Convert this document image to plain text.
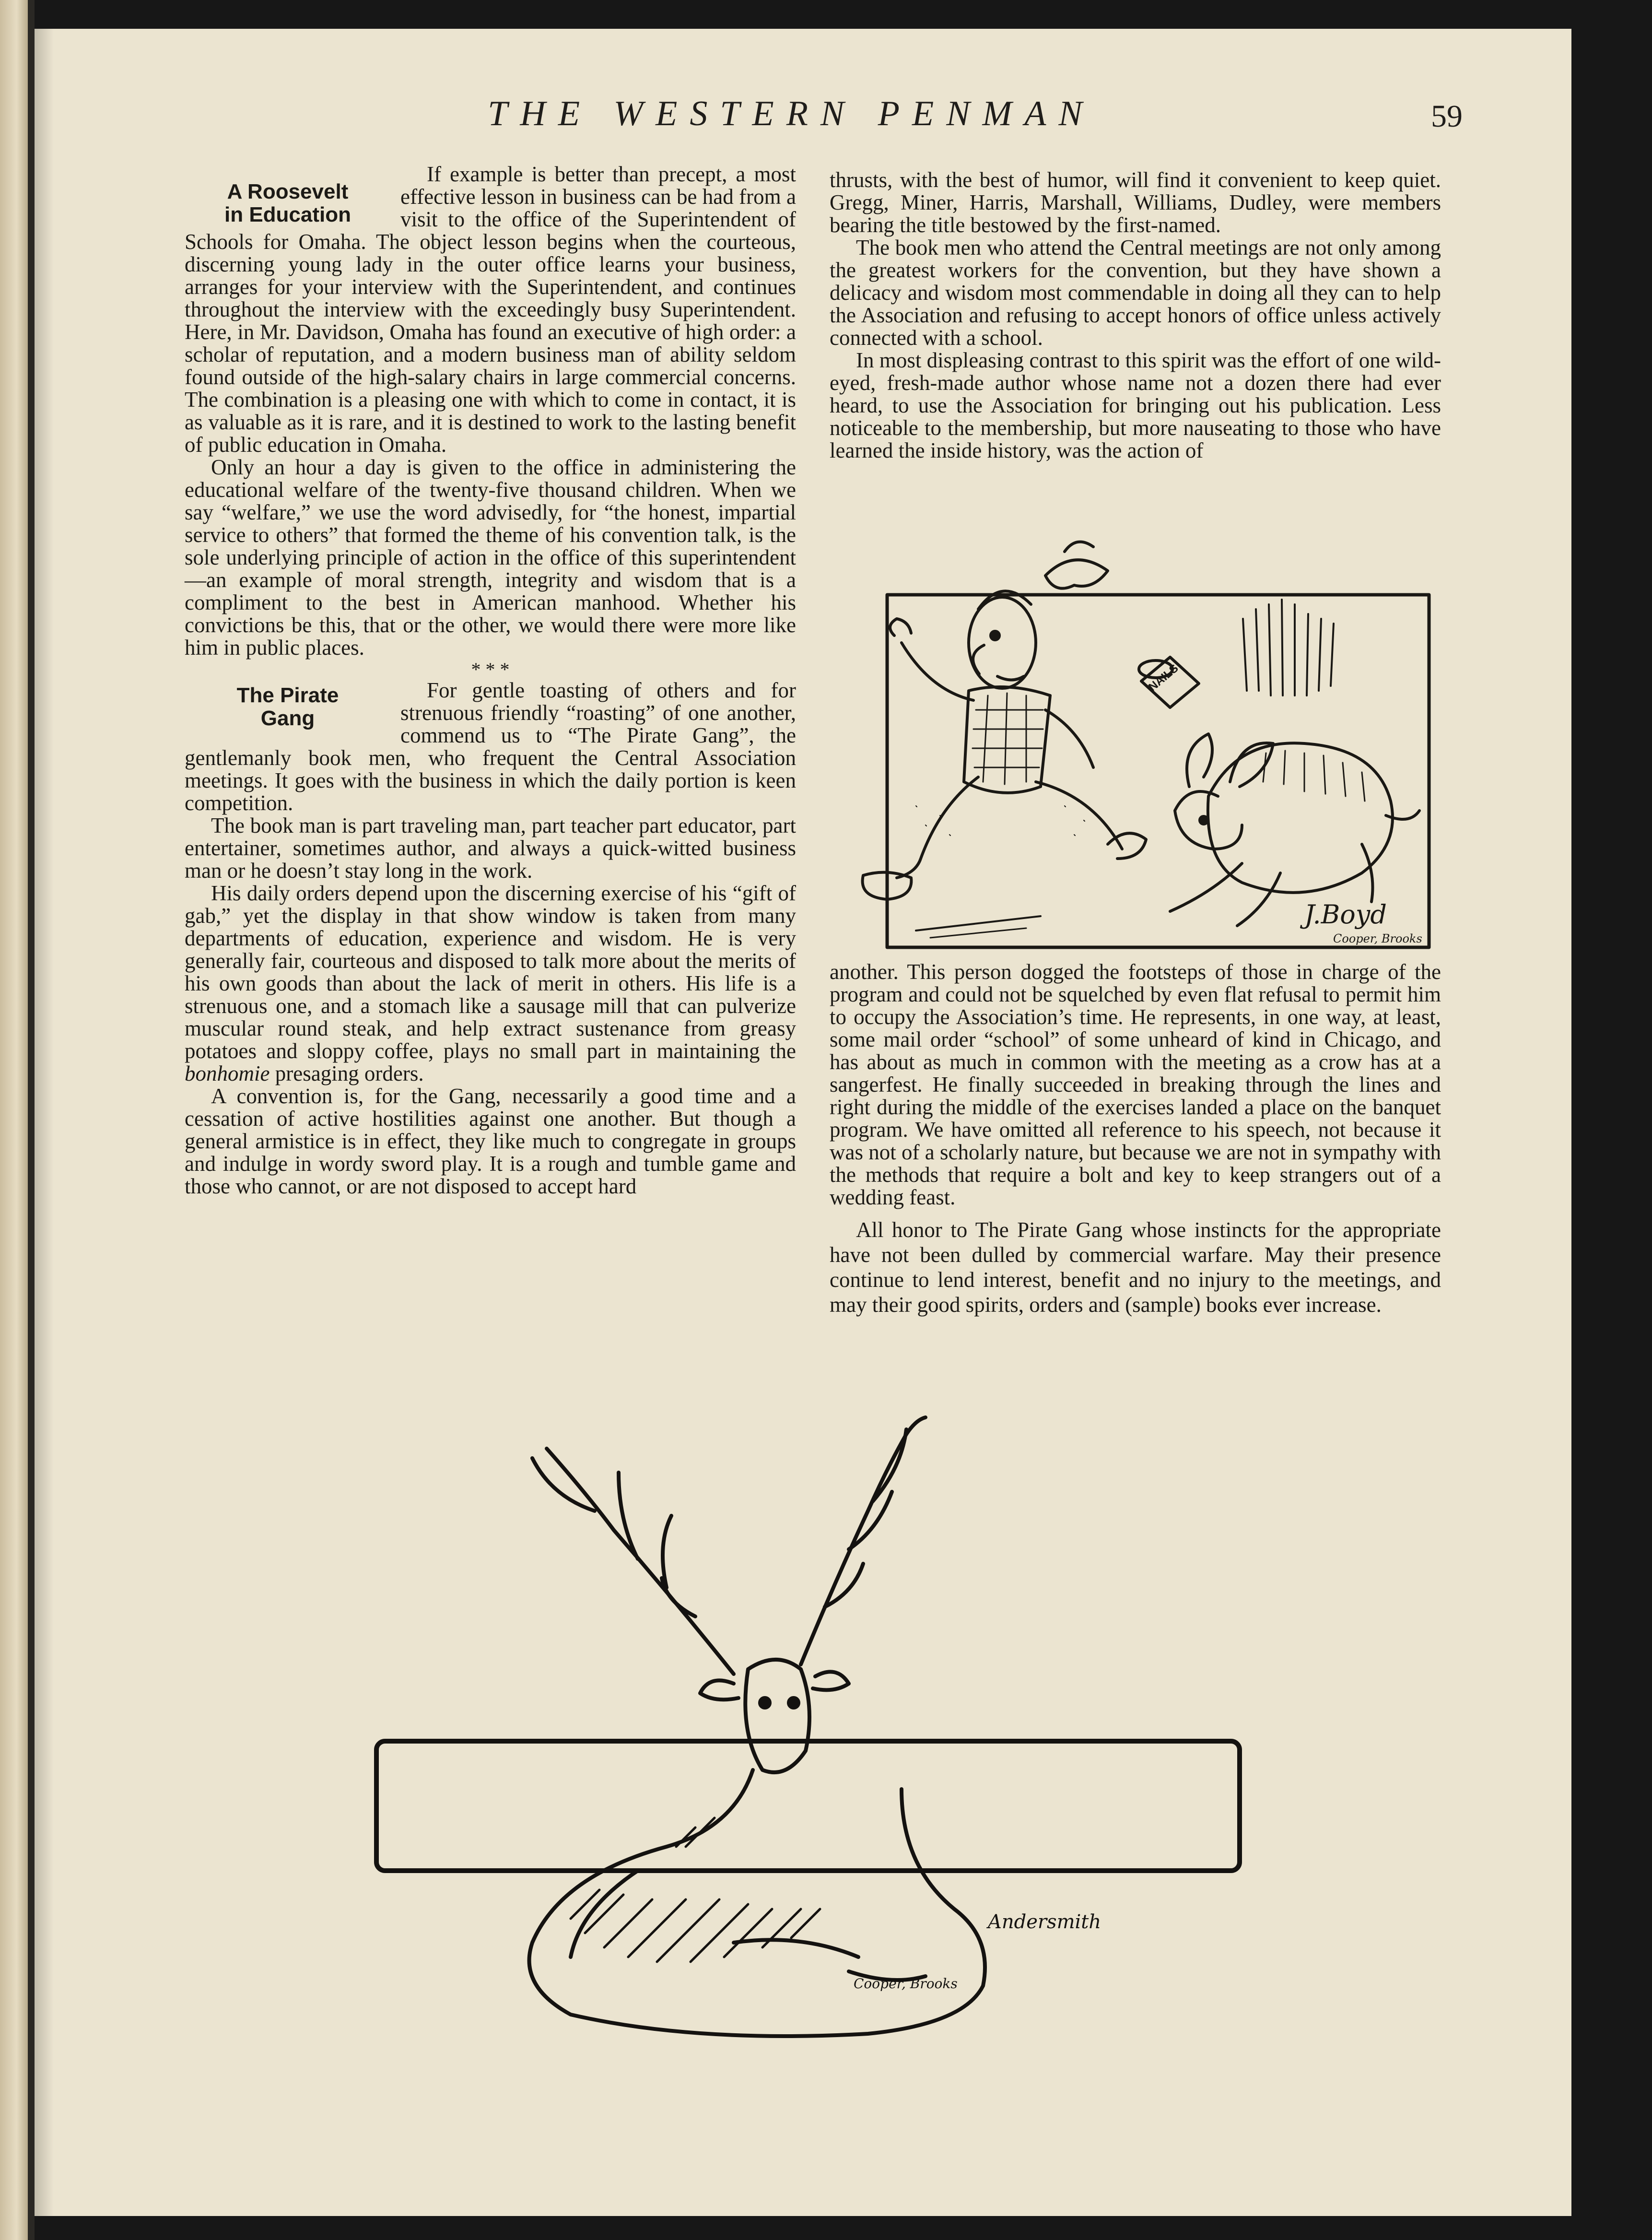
THE WESTERN PENMAN	59
A Roosevelt
in Education

If example is better than precept, a most effective lesson in business can be had from a visit to the office of the Superintendent of Schools for Omaha. The object lesson begins when the courteous, discerning young lady in the outer office learns your business, arranges for your interview with the Superintendent, and continues throughout the interview with the exceedingly busy Superintendent. Here, in Mr. Davidson, Omaha has found an executive of high order: a scholar of reputation, and a modern business man of ability seldom found outside of the high-salary chairs in large commercial concerns. The combination is a pleasing one with which to come in contact, it is as valuable as it is rare, and it is destined to work to the lasting benefit of public education in Omaha.

Only an hour a day is given to the office in administering the educational welfare of the twenty-five thousand children. When we say “welfare,” we use the word advisedly, for “the honest, impartial service to others” that formed the theme of his convention talk, is the sole underlying principle of action in the office of this superintendent—an example of moral strength, integrity and wisdom that is a compliment to the best in American manhood. Whether his convictions be this, that or the other, we would there were more like him in public places.

* * *
The Pirate
Gang

For gentle toasting of others and for strenuous friendly “roasting” of one another, commend us to “The Pirate Gang”, the gentlemanly book men, who frequent the Central Association meetings. It goes with the business in which the daily portion is keen competition.

The book man is part traveling man, part teacher part educator, part entertainer, sometimes author, and always a quick-witted business man or he doesn’t stay long in the work.

His daily orders depend upon the discerning exercise of his “gift of gab,” yet the display in that show window is taken from many departments of education, experience and wisdom. He is very generally fair, courteous and disposed to talk more about the merits of his own goods than about the lack of merit in others. His life is a strenuous one, and a stomach like a sausage mill that can pulverize muscular round steak, and help extract sustenance from greasy potatoes and sloppy coffee, plays no small part in maintaining the bonhomie presaging orders.

A convention is, for the Gang, necessarily a good time and a cessation of active hostilities against one another. But though a general armistice is in effect, they like much to congregate in groups and indulge in wordy sword play. It is a rough and tumble game and those who cannot, or are not disposed to accept hard

thrusts, with the best of humor, will find it convenient to keep quiet. Gregg, Miner, Harris, Marshall, Williams, Dudley, were members bearing the title bestowed by the first-named.

The book men who attend the Central meetings are not only among the greatest workers for the convention, but they have shown a delicacy and wisdom most commendable in doing all they can to help the Association and refusing to accept honors of office unless actively connected with a school.

In most displeasing contrast to this spirit was the effort of one wild-eyed, fresh-made author whose name not a dozen there had ever heard, to use the Association for bringing out his publication. Less noticeable to the membership, but more nauseating to those who have learned the inside history, was the action of

NAILS
J.Boyd
Cooper, Brooks

another. This person dogged the footsteps of those in charge of the program and could not be squelched by even flat refusal to permit him to occupy the Association’s time. He represents, in one way, at least, some mail order “school” of some unheard of kind in Chicago, and has about as much in common with the meeting as a crow has at a sangerfest. He finally succeeded in breaking through the lines and right during the middle of the exercises landed a place on the banquet program. We have omitted all reference to his speech, not because it was not of a scholarly nature, but because we are not in sympathy with the methods that require a bolt and key to keep strangers out of a wedding feast.

All honor to The Pirate Gang whose instincts for the appropriate have not been dulled by commercial warfare. May their presence continue to lend interest, benefit and no injury to the meetings, and may their good spirits, orders and (sample) books ever increase.

Andersmith
Cooper, Brooks
